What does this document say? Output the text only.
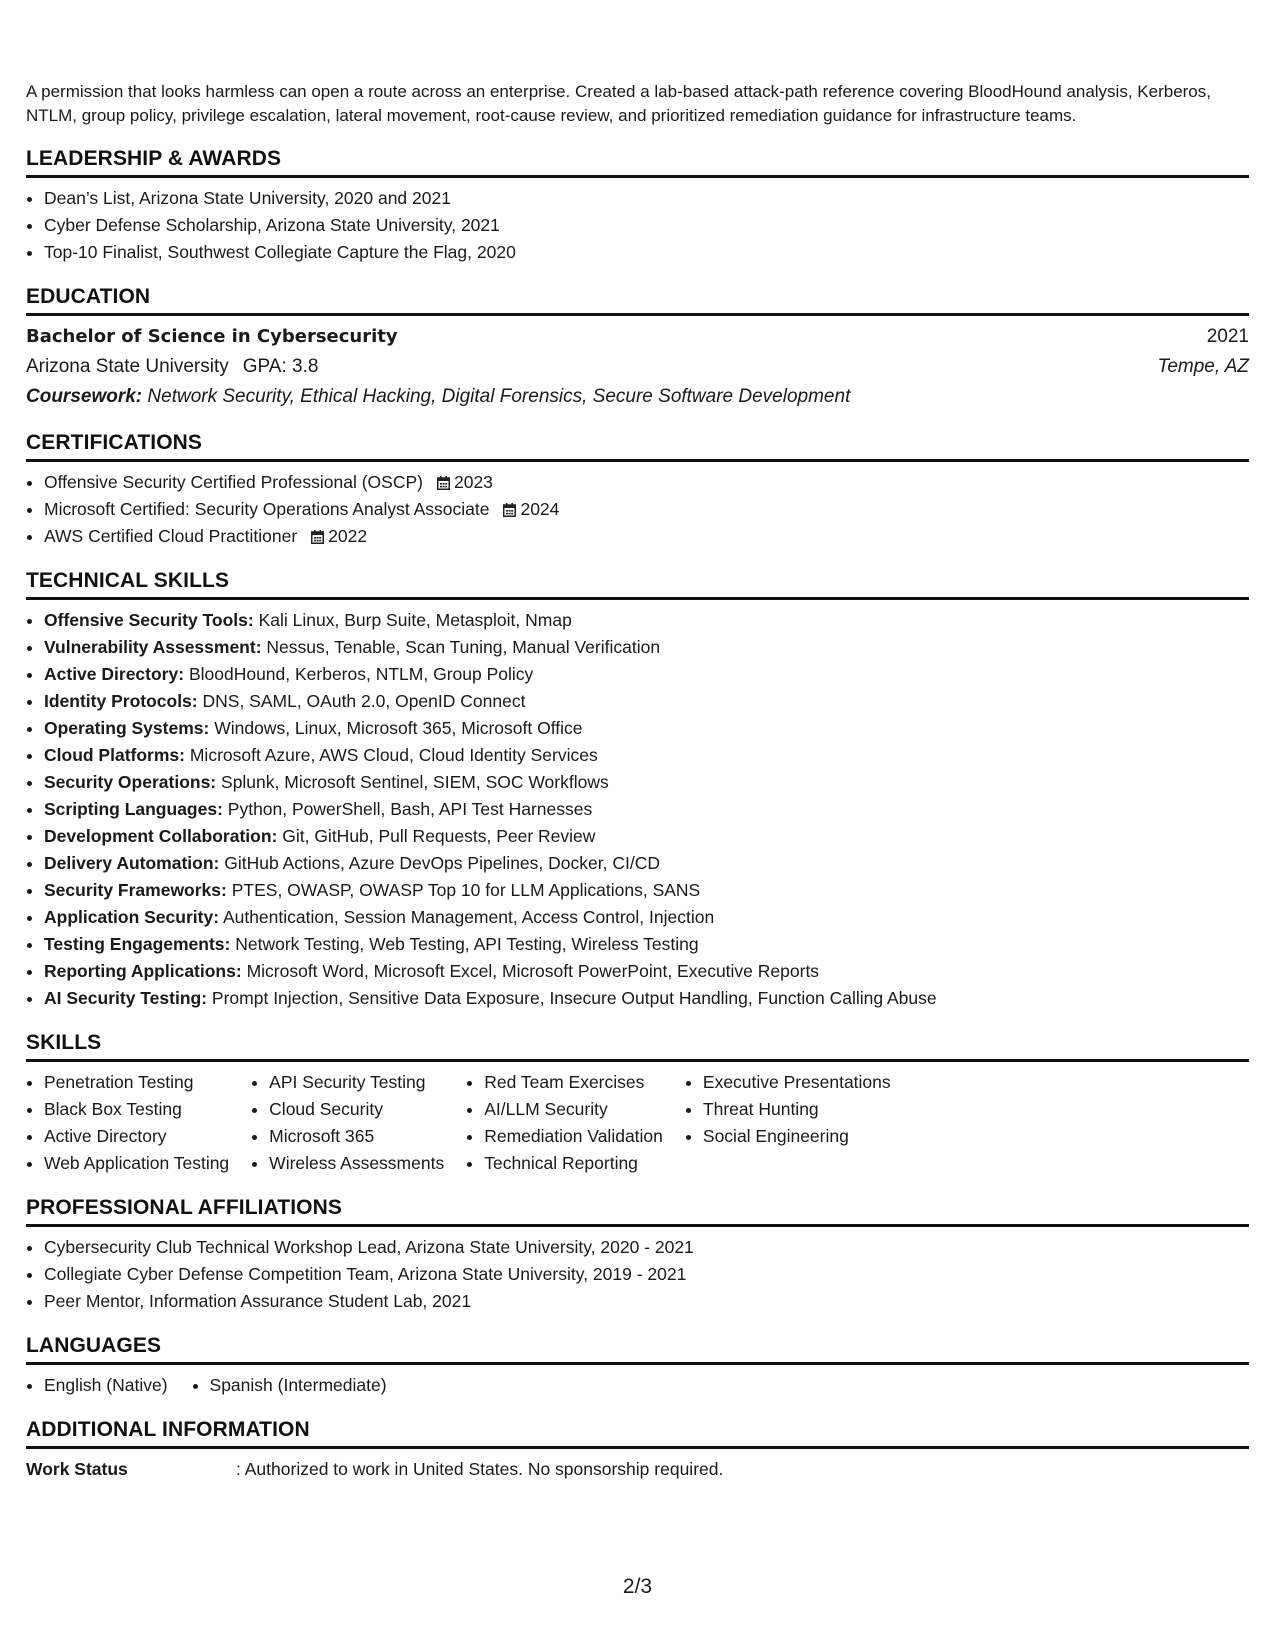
A permission that looks harmless can open a route across an enterprise. Created a lab-based attack-path reference covering BloodHound analysis, Kerberos, NTLM, group policy, privilege escalation, lateral movement, root-cause review, and prioritized remediation guidance for infrastructure teams.

LEADERSHIP & AWARDS
• Dean’s List, Arizona State University, 2020 and 2021
• Cyber Defense Scholarship, Arizona State University, 2021
• Top-10 Finalist, Southwest Collegiate Capture the Flag, 2020
EDUCATION
Bachelor of Science in Cybersecurity	2021
Arizona State University GPA: 3.8	Tempe, AZ
Coursework: Network Security, Ethical Hacking, Digital Forensics, Secure Software Development
CERTIFICATIONS
• Offensive Security Certified Professional (OSCP) 2023
• Microsoft Certified: Security Operations Analyst Associate 2024
• AWS Certified Cloud Practitioner 2022
TECHNICAL SKILLS
• Offensive Security Tools: Kali Linux, Burp Suite, Metasploit, Nmap
• Vulnerability Assessment: Nessus, Tenable, Scan Tuning, Manual Verification
• Active Directory: BloodHound, Kerberos, NTLM, Group Policy
• Identity Protocols: DNS, SAML, OAuth 2.0, OpenID Connect
• Operating Systems: Windows, Linux, Microsoft 365, Microsoft Office
• Cloud Platforms: Microsoft Azure, AWS Cloud, Cloud Identity Services
• Security Operations: Splunk, Microsoft Sentinel, SIEM, SOC Workflows
• Scripting Languages: Python, PowerShell, Bash, API Test Harnesses
• Development Collaboration: Git, GitHub, Pull Requests, Peer Review
• Delivery Automation: GitHub Actions, Azure DevOps Pipelines, Docker, CI/CD
• Security Frameworks: PTES, OWASP, OWASP Top 10 for LLM Applications, SANS
• Application Security: Authentication, Session Management, Access Control, Injection
• Testing Engagements: Network Testing, Web Testing, API Testing, Wireless Testing
• Reporting Applications: Microsoft Word, Microsoft Excel, Microsoft PowerPoint, Executive Reports
• AI Security Testing: Prompt Injection, Sensitive Data Exposure, Insecure Output Handling, Function Calling Abuse
SKILLS
• Penetration Testing
• Black Box Testing
• Active Directory
• Web Application Testing
• API Security Testing
• Cloud Security
• Microsoft 365
• Wireless Assessments
• Red Team Exercises
• AI/LLM Security
• Remediation Validation
• Technical Reporting
• Executive Presentations
• Threat Hunting
• Social Engineering
PROFESSIONAL AFFILIATIONS
• Cybersecurity Club Technical Workshop Lead, Arizona State University, 2020 - 2021
• Collegiate Cyber Defense Competition Team, Arizona State University, 2019 - 2021
• Peer Mentor, Information Assurance Student Lab, 2021
LANGUAGES
• English (Native)
• Spanish (Intermediate)
ADDITIONAL INFORMATION
Work Status	: Authorized to work in United States. No sponsorship required.
2/3
